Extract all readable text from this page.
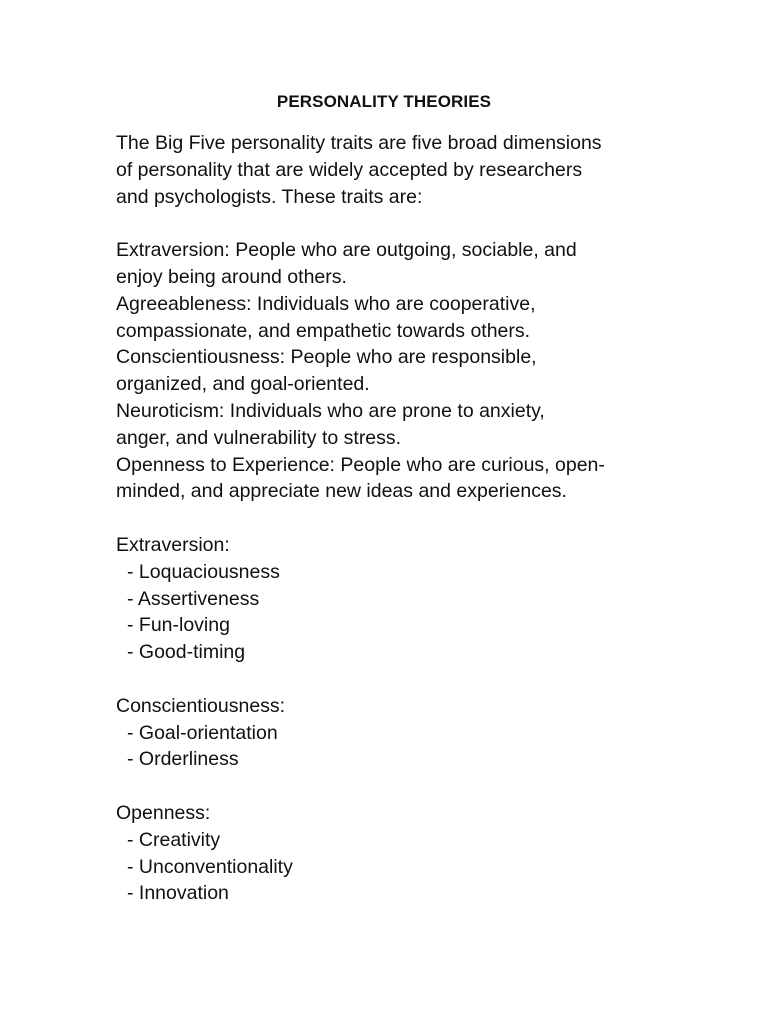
PERSONALITY THEORIES
The Big Five personality traits are five broad dimensions
of personality that are widely accepted by researchers
and psychologists. These traits are:
Extraversion: People who are outgoing, sociable, and
enjoy being around others.
Agreeableness: Individuals who are cooperative,
compassionate, and empathetic towards others.
Conscientiousness: People who are responsible,
organized, and goal-oriented.
Neuroticism: Individuals who are prone to anxiety,
anger, and vulnerability to stress.
Openness to Experience: People who are curious, open-
minded, and appreciate new ideas and experiences.
Extraversion:
- Loquaciousness
- Assertiveness
- Fun-loving
- Good-timing
Conscientiousness:
- Goal-orientation
- Orderliness
Openness:
- Creativity
- Unconventionality
- Innovation
